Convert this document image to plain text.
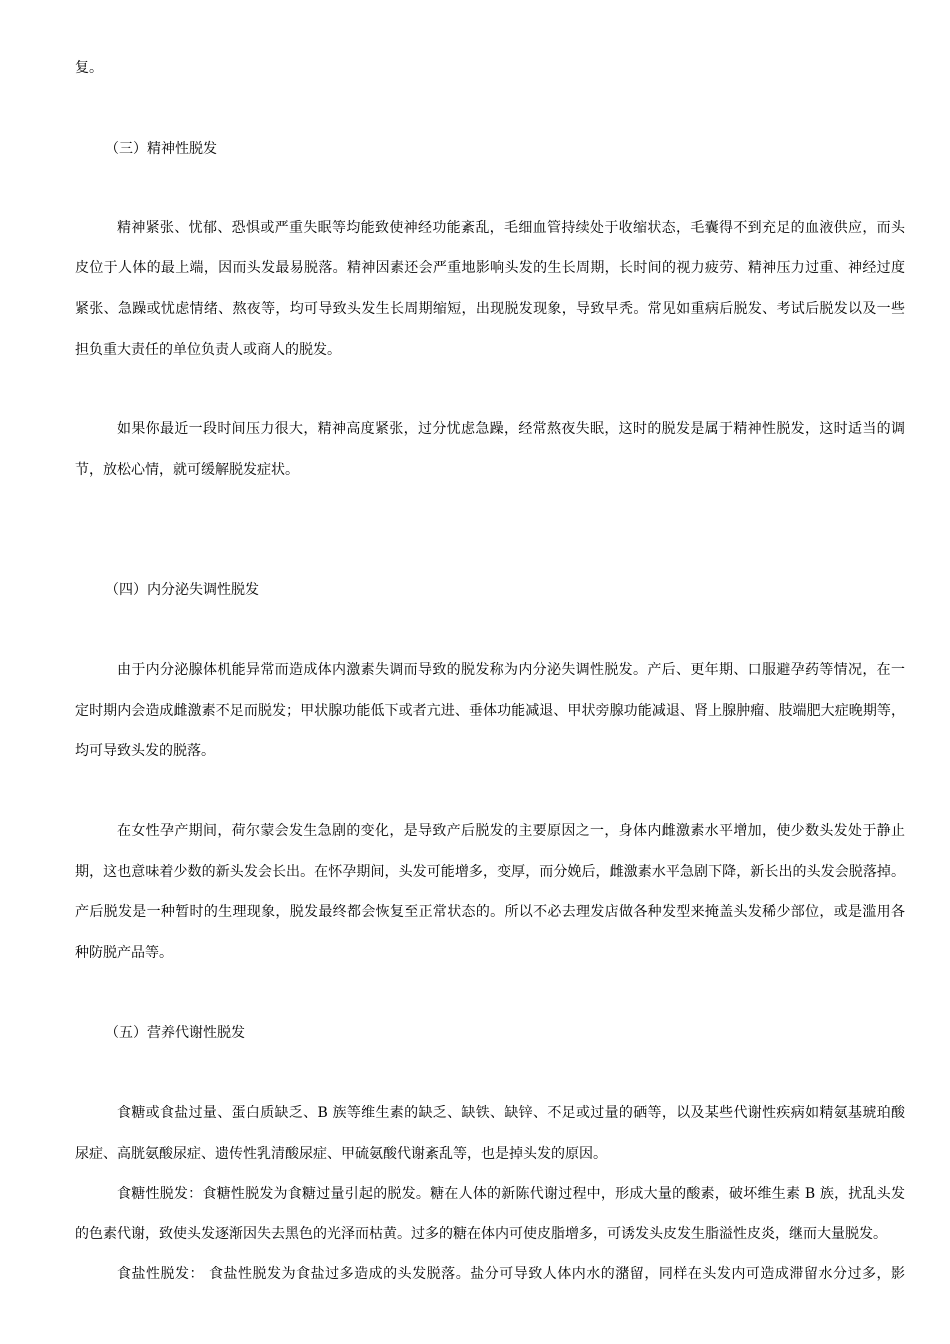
复。

（三）精神性脱发

精神紧张、忧郁、恐惧或严重失眠等均能致使神经功能紊乱，毛细血管持续处于收缩状态，毛囊得不到充足的血液供应，而头

皮位于人体的最上端，因而头发最易脱落。精神因素还会严重地影响头发的生长周期，长时间的视力疲劳、精神压力过重、神经过度

紧张、急躁或忧虑情绪、熬夜等，均可导致头发生长周期缩短，出现脱发现象，导致早秃。常见如重病后脱发、考试后脱发以及一些

担负重大责任的单位负责人或商人的脱发。

如果你最近一段时间压力很大，精神高度紧张，过分忧虑急躁，经常熬夜失眠，这时的脱发是属于精神性脱发，这时适当的调

节，放松心情，就可缓解脱发症状。

（四）内分泌失调性脱发

由于内分泌腺体机能异常而造成体内激素失调而导致的脱发称为内分泌失调性脱发。产后、更年期、口服避孕药等情况，在一

定时期内会造成雌激素不足而脱发；甲状腺功能低下或者亢进、垂体功能减退、甲状旁腺功能减退、肾上腺肿瘤、肢端肥大症晚期等，

均可导致头发的脱落。

在女性孕产期间，荷尔蒙会发生急剧的变化，是导致产后脱发的主要原因之一，身体内雌激素水平增加，使少数头发处于静止

期，这也意味着少数的新头发会长出。在怀孕期间，头发可能增多，变厚，而分娩后，雌激素水平急剧下降，新长出的头发会脱落掉。

产后脱发是一种暂时的生理现象，脱发最终都会恢复至正常状态的。所以不必去理发店做各种发型来掩盖头发稀少部位，或是滥用各

种防脱产品等。

（五）营养代谢性脱发

食糖或食盐过量、蛋白质缺乏、B 族等维生素的缺乏、缺铁、缺锌、不足或过量的硒等，以及某些代谢性疾病如精氨基琥珀酸

尿症、高胱氨酸尿症、遗传性乳清酸尿症、甲硫氨酸代谢紊乱等，也是掉头发的原因。

食糖性脱发：食糖性脱发为食糖过量引起的脱发。糖在人体的新陈代谢过程中，形成大量的酸素，破坏维生素 B 族，扰乱头发

的色素代谢，致使头发逐渐因失去黑色的光泽而枯黄。过多的糖在体内可使皮脂增多，可诱发头皮发生脂溢性皮炎，继而大量脱发。

食盐性脱发： 食盐性脱发为食盐过多造成的头发脱落。盐分可导致人体内水的潴留，同样在头发内可造成滞留水分过多，影
